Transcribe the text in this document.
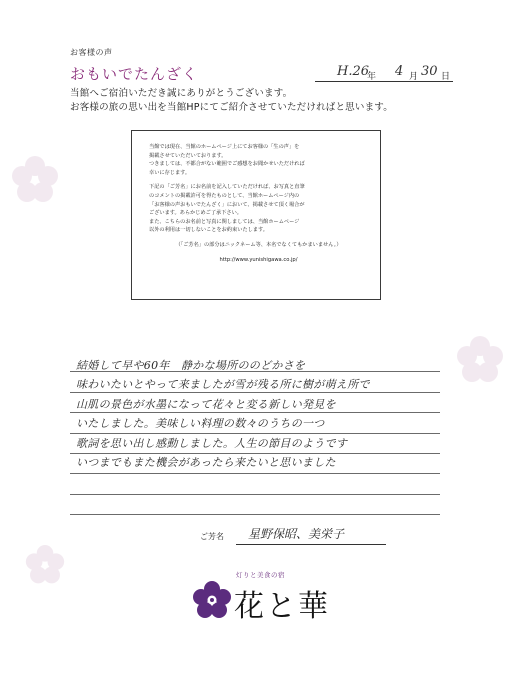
お客様の声
おもいでたんざく	H.26
年 4 月 30 日
当館へご宿泊いただき誠にありがとうございます。
お客様の旅の思い出を当館HPにてご紹介させていただければと思います。
当館では現在、当館のホームページ上にてお客様の「生の声」を
掲載させていただいております。
つきましては、不都合がない範囲でご感想をお聞かせいただければ
幸いに存じます。
下記の「ご芳名」にお名前を記入していただければ、お写真と直筆
のコメントの掲載許可を得たものとして、当館ホームページ内の
「お客様の声おもいでたんざく」において、掲載させて頂く場合が
ございます。あらかじめご了承下さい。
また、こちらのお名前と写真に関しましては、当館ホームページ
以外の利用は一切しないことをお約束いたします。
（「ご芳名」の部分はニックネーム等、本名でなくてもかまいません。）
http://www.yunishigawa.co.jp/
結婚して早や60年　静かな場所ののどかさを
味わいたいとやって来ましたが雪が残る所に樹が萌え所で
山肌の景色が水墨になって花々と変る新しい発見を
いたしました。美味しい料理の数々のうちの一つ
歌詞を思い出し感動しました。人生の節目のようです
いつまでもまた機会があったら来たいと思いました
ご芳名 星野保昭、美栄子
灯りと美食の宿
花と華
